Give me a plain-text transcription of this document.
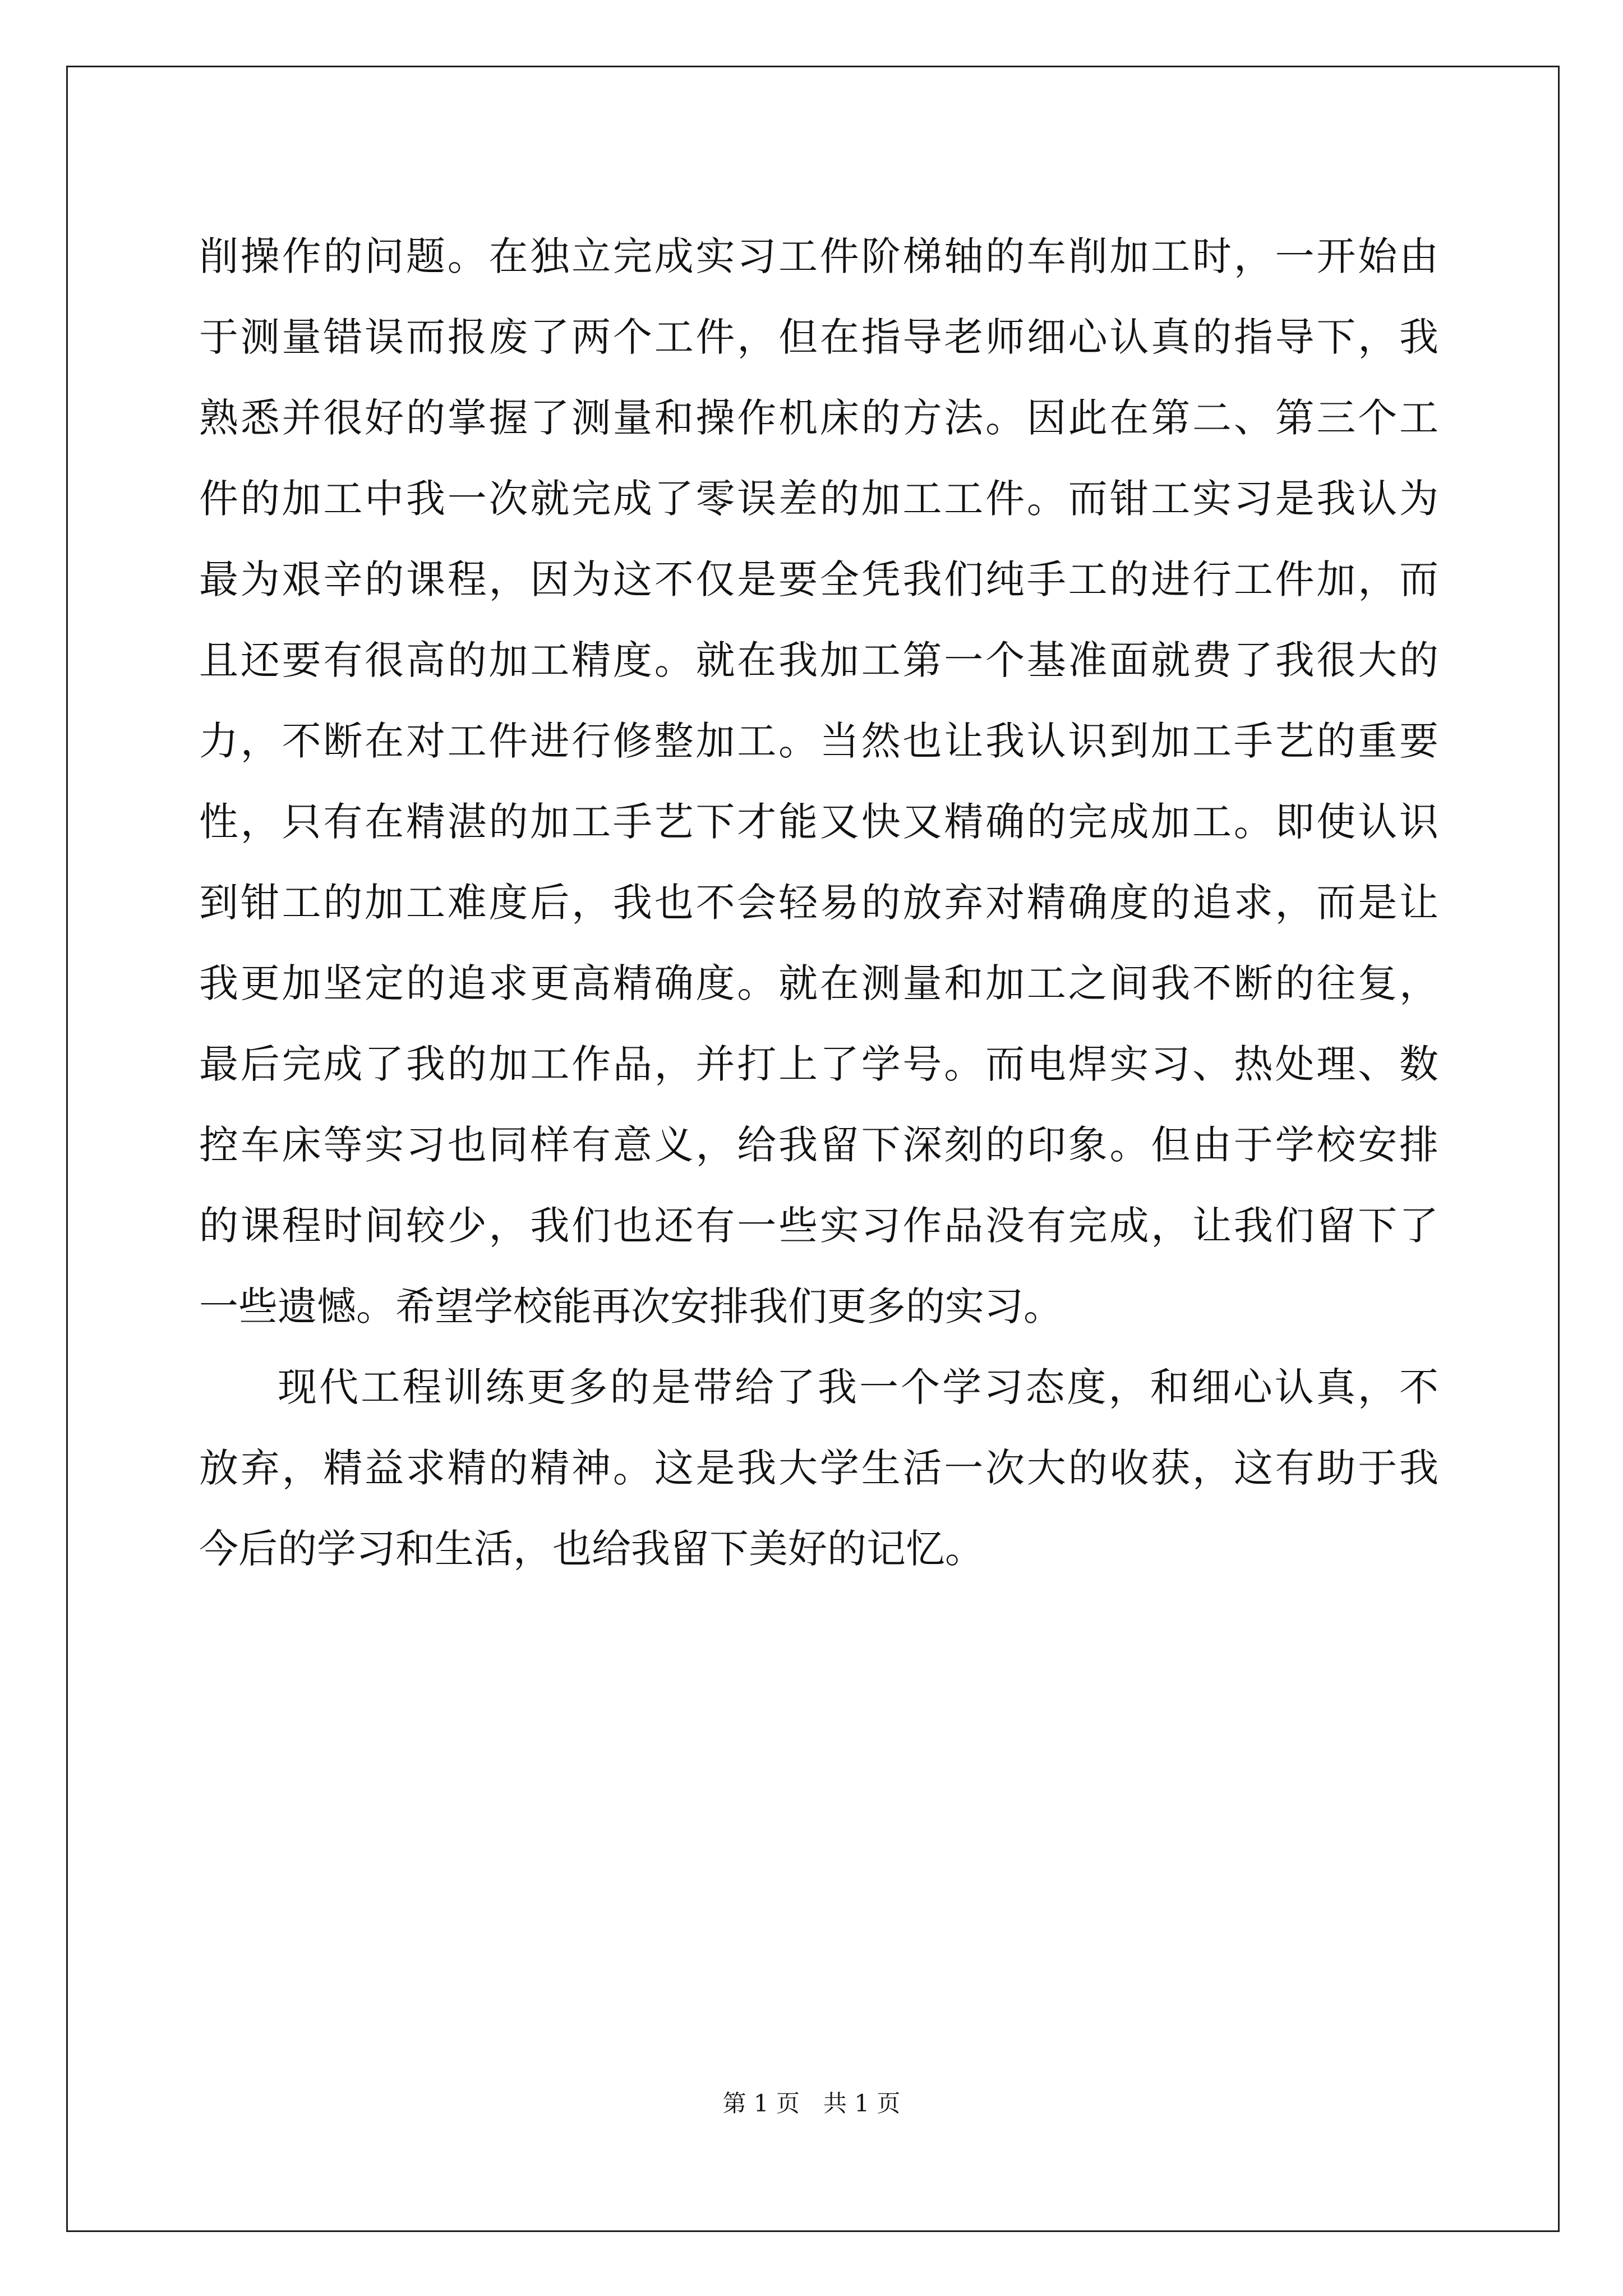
削操作的问题。在独立完成实习工件阶梯轴的车削加工时，一开始由
于测量错误而报废了两个工件，但在指导老师细心认真的指导下，我
熟悉并很好的掌握了测量和操作机床的方法。因此在第二、第三个工
件的加工中我一次就完成了零误差的加工工件。而钳工实习是我认为
最为艰辛的课程，因为这不仅是要全凭我们纯手工的进行工件加，而
且还要有很高的加工精度。就在我加工第一个基准面就费了我很大的
力，不断在对工件进行修整加工。当然也让我认识到加工手艺的重要
性，只有在精湛的加工手艺下才能又快又精确的完成加工。即使认识
到钳工的加工难度后，我也不会轻易的放弃对精确度的追求，而是让
我更加坚定的追求更高精确度。就在测量和加工之间我不断的往复，
最后完成了我的加工作品，并打上了学号。而电焊实习、热处理、数
控车床等实习也同样有意义，给我留下深刻的印象。但由于学校安排
的课程时间较少，我们也还有一些实习作品没有完成，让我们留下了
一些遗憾。希望学校能再次安排我们更多的实习。
现代工程训练更多的是带给了我一个学习态度，和细心认真，不
放弃，精益求精的精神。这是我大学生活一次大的收获，这有助于我
今后的学习和生活，也给我留下美好的记忆。
第 1 页　共 1 页
